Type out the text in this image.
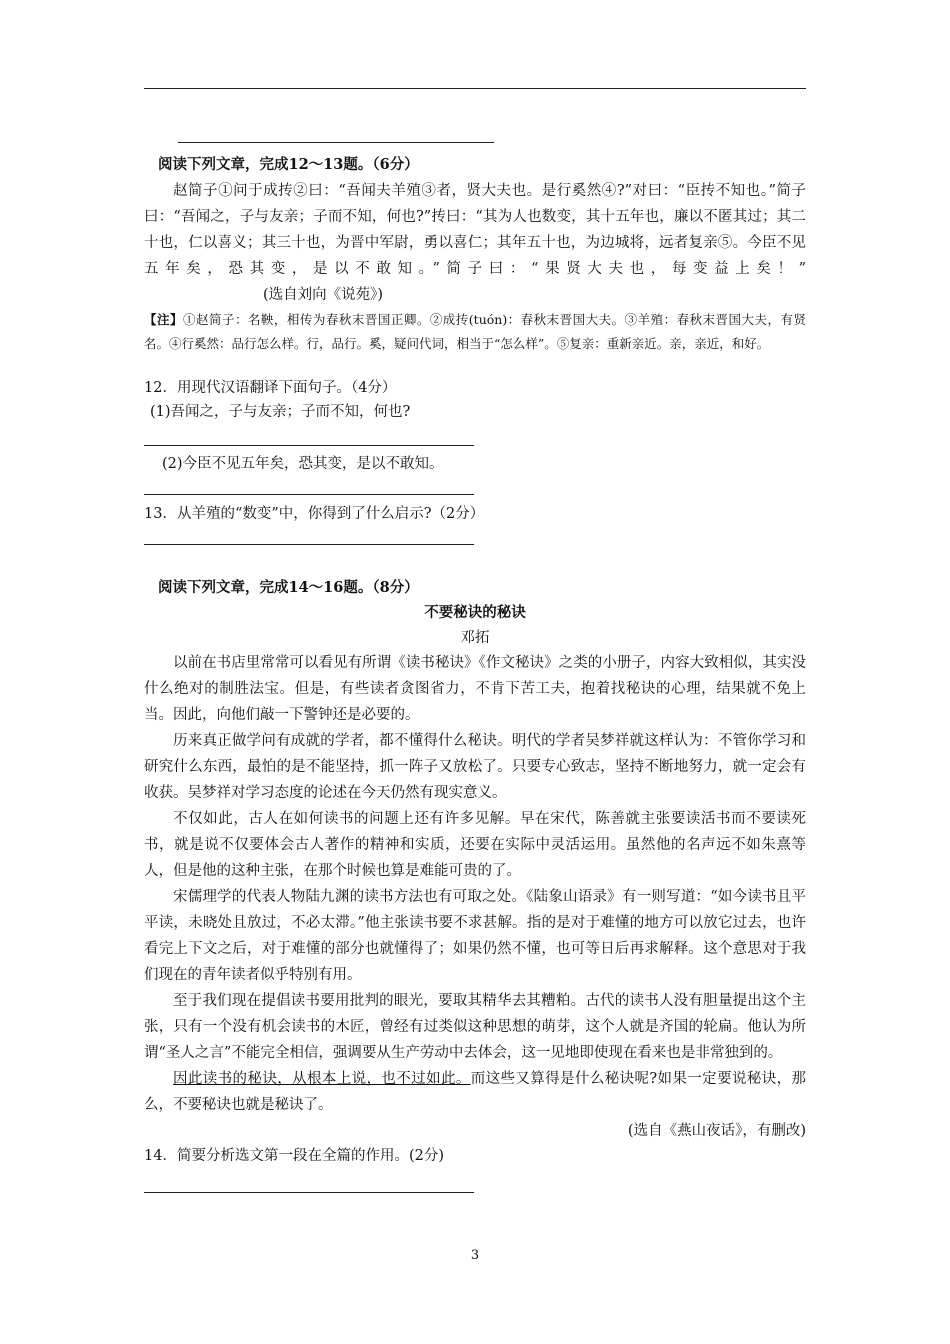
阅读下列文章，完成12～13题。（6分）

赵简子①问于成抟②曰：“吾闻夫羊殖③者，贤大夫也。是行奚然④?”对曰：“臣抟不知也。”简子曰：“吾闻之，子与友亲；子而不知，何也?”抟曰：“其为人也数变，其十五年也，廉以不匿其过；其二十也，仁以喜义；其三十也，为晋中军尉，勇以喜仁；其年五十也，为边城将，远者复亲⑤。今臣不见五年矣，恐其变，是以不敢知。”简子曰：“果贤大夫也，每变益上矣！”(选自刘向《说苑》)

【注】①赵简子：名鞅，相传为春秋末晋国正卿。②成抟(tuón)：春秋末晋国大夫。③羊殖：春秋末晋国大夫，有贤名。④行奚然：品行怎么样。行，品行。奚，疑问代词，相当于“怎么样”。⑤复亲：重新亲近。亲，亲近，和好。

12．用现代汉语翻译下面句子。（4分）

(1)吾闻之，子与友亲；子而不知，何也?

(2)今臣不见五年矣，恐其变，是以不敢知。

13．从羊殖的“数变”中，你得到了什么启示?（2分）

阅读下列文章，完成14～16题。（8分）
不要秘诀的秘诀
邓拓

以前在书店里常常可以看见有所谓《读书秘诀》《作文秘诀》之类的小册子，内容大致相似，其实没什么绝对的制胜法宝。但是，有些读者贪图省力，不肯下苦工夫，抱着找秘诀的心理，结果就不免上当。因此，向他们敲一下警钟还是必要的。

历来真正做学问有成就的学者，都不懂得什么秘诀。明代的学者吴梦祥就这样认为：不管你学习和研究什么东西，最怕的是不能坚持，抓一阵子又放松了。只要专心致志，坚持不断地努力，就一定会有收获。吴梦祥对学习态度的论述在今天仍然有现实意义。

不仅如此，古人在如何读书的问题上还有许多见解。早在宋代，陈善就主张要读活书而不要读死书，就是说不仅要体会古人著作的精神和实质，还要在实际中灵活运用。虽然他的名声远不如朱熹等人，但是他的这种主张，在那个时候也算是难能可贵的了。

宋儒理学的代表人物陆九渊的读书方法也有可取之处。《陆象山语录》有一则写道：“如今读书且平平读，未晓处且放过，不必太滞。”他主张读书要不求甚解。指的是对于难懂的地方可以放它过去，也许看完上下文之后，对于难懂的部分也就懂得了；如果仍然不懂，也可等日后再求解释。这个意思对于我们现在的青年读者似乎特别有用。

至于我们现在提倡读书要用批判的眼光，要取其精华去其糟粕。古代的读书人没有胆量提出这个主张，只有一个没有机会读书的木匠，曾经有过类似这种思想的萌芽，这个人就是齐国的轮扁。他认为所谓“圣人之言”不能完全相信，强调要从生产劳动中去体会，这一见地即使现在看来也是非常独到的。

因此读书的秘诀，从根本上说，也不过如此。而这些又算得是什么秘诀呢?如果一定要说秘诀，那么，不要秘诀也就是秘诀了。

(选自《燕山夜话》，有删改)

14．简要分析选文第一段在全篇的作用。(2分)

3
